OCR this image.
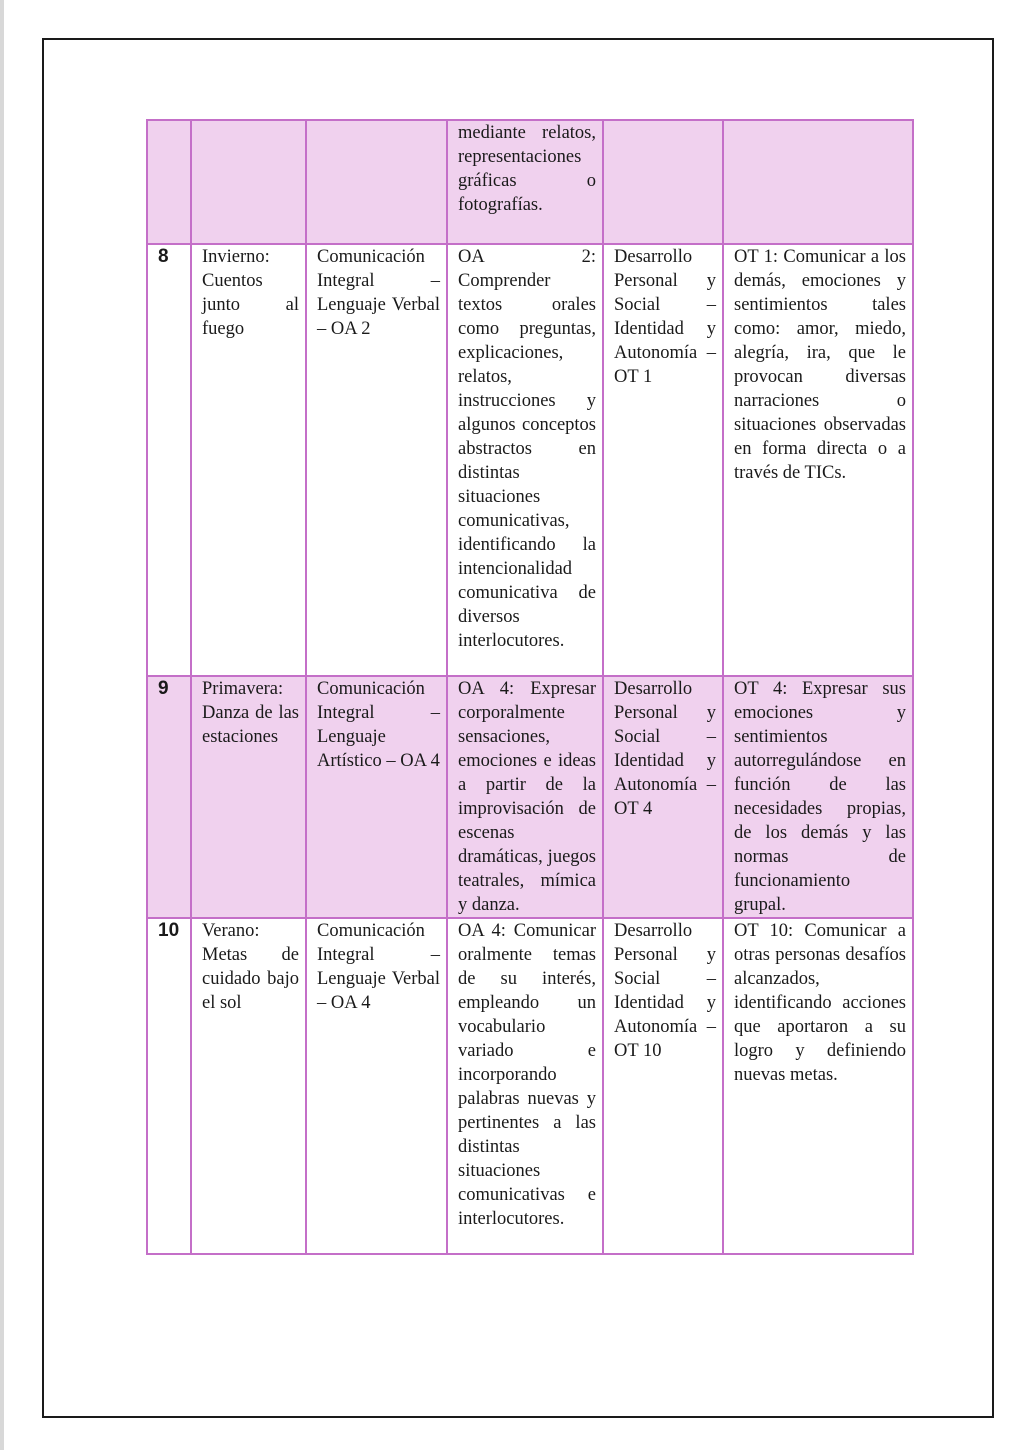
			mediante relatos, representaciones gráficas o fotografías.		
8	Invierno: Cuentos junto al fuego	Comunicación Integral – Lenguaje Verbal – OA 2	OA 2: Comprender textos orales como preguntas, explicaciones, relatos, instrucciones y algunos conceptos abstractos en distintas situaciones comunicativas, identificando la intencionalidad comunicativa de diversos interlocutores.	Desarrollo Personal y Social – Identidad y Autonomía – OT 1	OT 1: Comunicar a los demás, emociones y sentimientos tales como: amor, miedo, alegría, ira, que le provocan diversas narraciones o situaciones observadas en forma directa o a través de TICs.
9	Primavera: Danza de las estaciones	Comunicación Integral – Lenguaje Artístico – OA 4	OA 4: Expresar corporalmente sensaciones, emociones e ideas a partir de la improvisación de escenas dramáticas, juegos teatrales, mímica y danza.	Desarrollo Personal y Social – Identidad y Autonomía – OT 4	OT 4: Expresar sus emociones y sentimientos autorregulándose en función de las necesidades propias, de los demás y las normas de funcionamiento grupal.
10	Verano: Metas de cuidado bajo el sol	Comunicación Integral – Lenguaje Verbal – OA 4	OA 4: Comunicar oralmente temas de su interés, empleando un vocabulario variado e incorporando palabras nuevas y pertinentes a las distintas situaciones comunicativas e interlocutores.	Desarrollo Personal y Social – Identidad y Autonomía – OT 10	OT 10: Comunicar a otras personas desafíos alcanzados, identificando acciones que aportaron a su logro y definiendo nuevas metas.
